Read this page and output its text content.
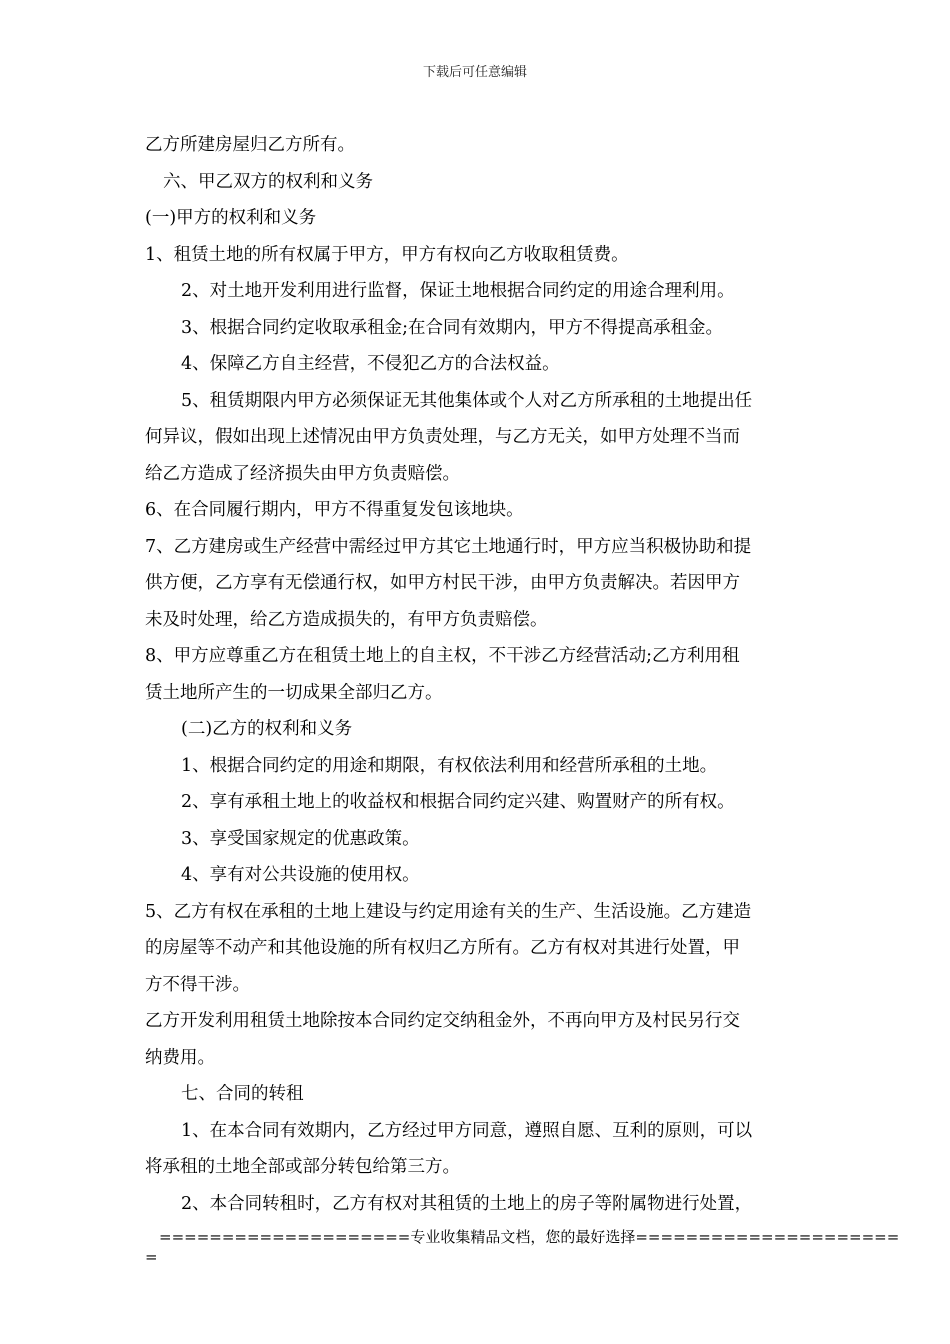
下载后可任意编辑
乙方所建房屋归乙方所有。
六、甲乙双方的权利和义务
(一)甲方的权利和义务
1、租赁土地的所有权属于甲方，甲方有权向乙方收取租赁费。
2、对土地开发利用进行监督，保证土地根据合同约定的用途合理利用。
3、根据合同约定收取承租金;在合同有效期内，甲方不得提高承租金。
4、保障乙方自主经营，不侵犯乙方的合法权益。
5、租赁期限内甲方必须保证无其他集体或个人对乙方所承租的土地提出任
何异议，假如出现上述情况由甲方负责处理，与乙方无关，如甲方处理不当而
给乙方造成了经济损失由甲方负责赔偿。
6、在合同履行期内，甲方不得重复发包该地块。
7、乙方建房或生产经营中需经过甲方其它土地通行时，甲方应当积极协助和提
供方便，乙方享有无偿通行权，如甲方村民干涉，由甲方负责解决。若因甲方
未及时处理，给乙方造成损失的，有甲方负责赔偿。
8、甲方应尊重乙方在租赁土地上的自主权，不干涉乙方经营活动;乙方利用租
赁土地所产生的一切成果全部归乙方。
(二)乙方的权利和义务
1、根据合同约定的用途和期限，有权依法利用和经营所承租的土地。
2、享有承租土地上的收益权和根据合同约定兴建、购置财产的所有权。
3、享受国家规定的优惠政策。
4、享有对公共设施的使用权。
5、乙方有权在承租的土地上建设与约定用途有关的生产、生活设施。乙方建造
的房屋等不动产和其他设施的所有权归乙方所有。乙方有权对其进行处置，甲
方不得干涉。
乙方开发利用租赁土地除按本合同约定交纳租金外，不再向甲方及村民另行交
纳费用。
七、合同的转租
1、在本合同有效期内，乙方经过甲方同意，遵照自愿、互利的原则，可以
将承租的土地全部或部分转包给第三方。
2、本合同转租时，乙方有权对其租赁的土地上的房子等附属物进行处置，
====================专业收集精品文档，您的最好选择=====================
=
